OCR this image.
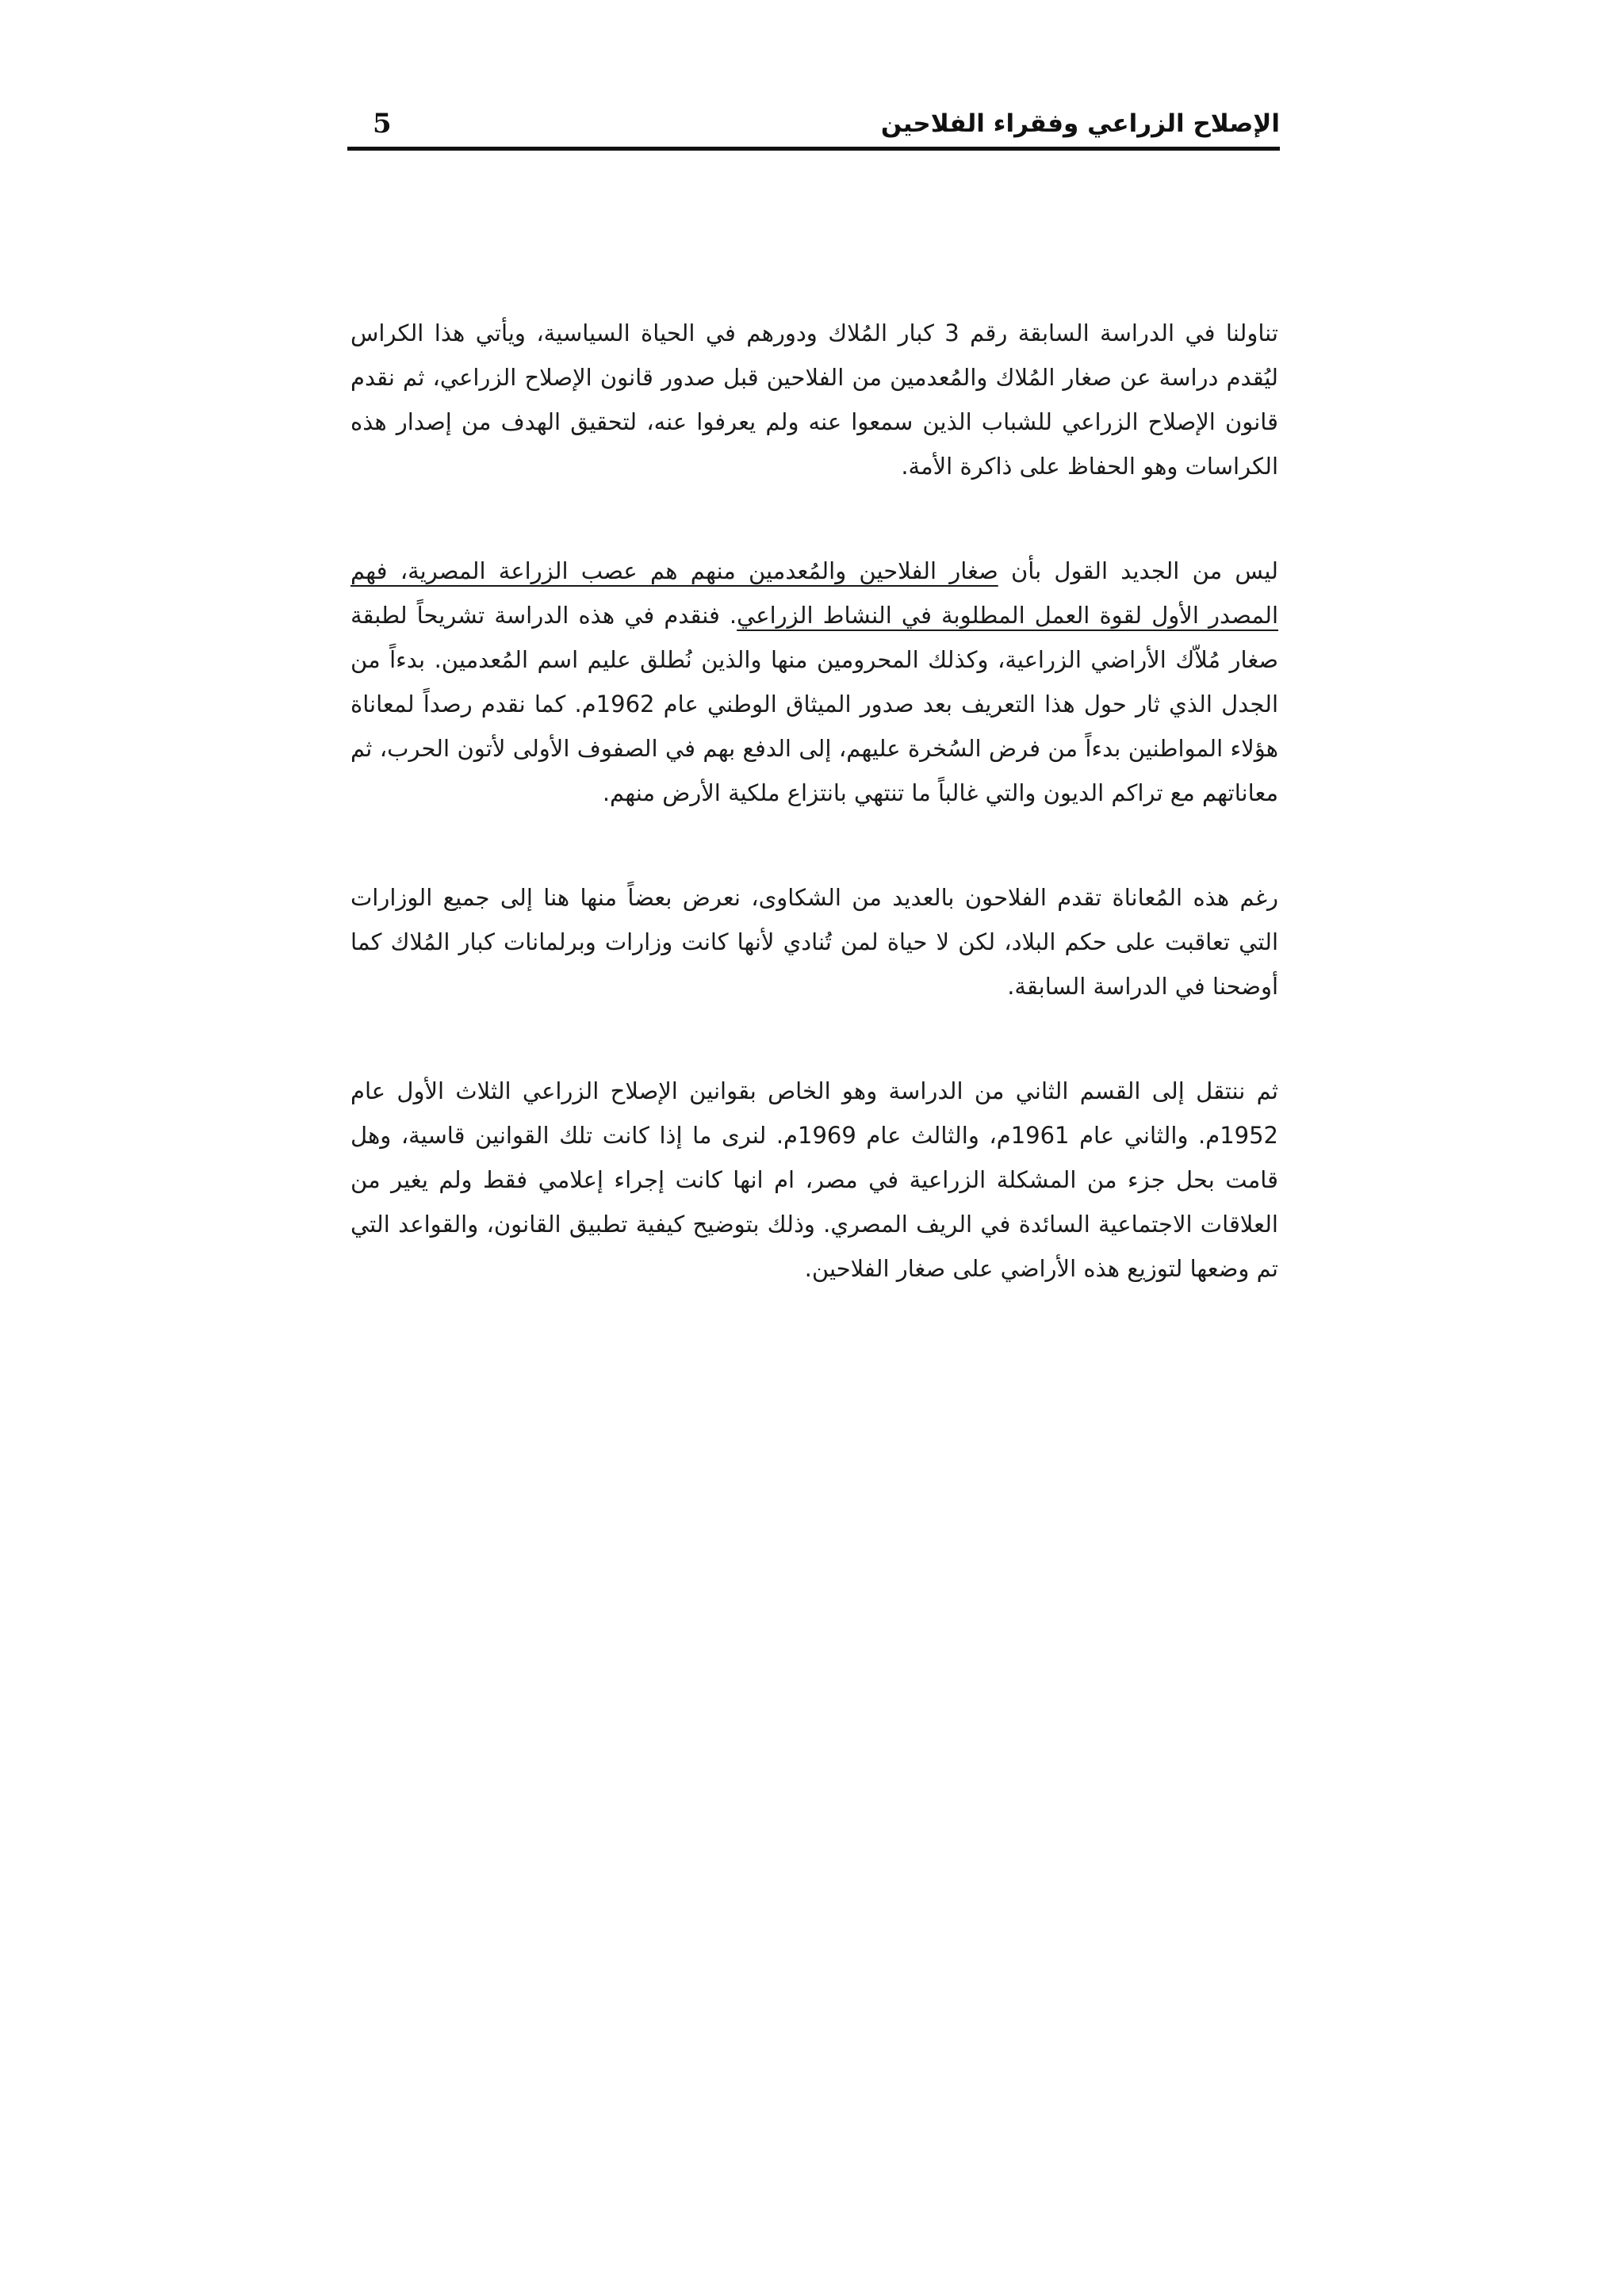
الإصلاح الزراعي وفقراء الفلاحين
5

تناولنا في الدراسة السابقة رقم 3 كبار المُلاك ودورهم في الحياة السياسية، ويأتي هذا الكراس ليُقدم دراسة عن صغار المُلاك والمُعدمين من الفلاحين قبل صدور قانون الإصلاح الزراعي، ثم نقدم قانون الإصلاح الزراعي للشباب الذين سمعوا عنه ولم يعرفوا عنه، لتحقيق الهدف من إصدار هذه الكراسات وهو الحفاظ على ذاكرة الأمة.

ليس من الجديد القول بأن صغار الفلاحين والمُعدمين منهم هم عصب الزراعة المصرية، فهم المصدر الأول لقوة العمل المطلوبة في النشاط الزراعي. فنقدم في هذه الدراسة تشريحاً لطبقة صغار مُلاّك الأراضي الزراعية، وكذلك المحرومين منها والذين نُطلق عليم اسم المُعدمين. بدءاً من الجدل الذي ثار حول هذا التعريف بعد صدور الميثاق الوطني عام 1962م. كما نقدم رصداً لمعاناة هؤلاء المواطنين بدءاً من فرض السُخرة عليهم، إلى الدفع بهم في الصفوف الأولى لأتون الحرب، ثم معاناتهم مع تراكم الديون والتي غالباً ما تنتهي بانتزاع ملكية الأرض منهم.

رغم هذه المُعاناة تقدم الفلاحون بالعديد من الشكاوى، نعرض بعضاً منها هنا إلى جميع الوزارات التي تعاقبت على حكم البلاد، لكن لا حياة لمن تُنادي لأنها كانت وزارات وبرلمانات كبار المُلاك كما أوضحنا في الدراسة السابقة.

ثم ننتقل إلى القسم الثاني من الدراسة وهو الخاص بقوانين الإصلاح الزراعي الثلاث الأول عام 1952م. والثاني عام 1961م، والثالث عام 1969م. لنرى ما إذا كانت تلك القوانين قاسية، وهل قامت بحل جزء من المشكلة الزراعية في مصر، ام انها كانت إجراء إعلامي فقط ولم يغير من العلاقات الاجتماعية السائدة في الريف المصري. وذلك بتوضيح كيفية تطبيق القانون، والقواعد التي تم وضعها لتوزيع هذه الأراضي على صغار الفلاحين.
